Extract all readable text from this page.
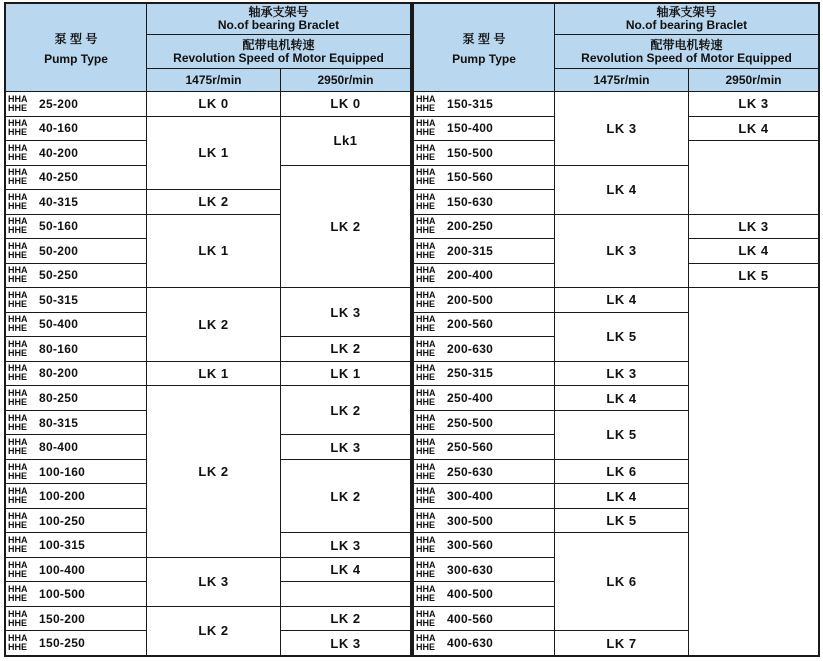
泵 型 号
Pump Type
轴承支架号
No.of bearing Braclet
配带电机转速
Revolution Speed of Motor Equipped
1475r/min	2950r/min
HHA
HHE 25-200
HHA
HHE 40-160
HHA
HHE 40-200
HHA
HHE 40-250
HHA
HHE 40-315
HHA
HHE 50-160
HHA
HHE 50-200
HHA
HHE 50-250
HHA
HHE 50-315
HHA
HHE 50-400
HHA
HHE 80-160
HHA
HHE 80-200
HHA
HHE 80-250
HHA
HHE 80-315
HHA
HHE 80-400
HHA
HHE 100-160
HHA
HHE 100-200
HHA
HHE 100-250
HHA
HHE 100-315
HHA
HHE 100-400
HHA
HHE 100-500
HHA
HHE 150-200
HHA
HHE 150-250
LK 0
LK 1
LK 2
LK 1
LK 2
LK 1
LK 2
LK 3
LK 2
LK 0
Lk1
LK 2
LK 3
LK 2
LK 1
LK 2
LK 3
LK 2
LK 3
LK 4
LK 2
LK 3
泵 型 号
Pump Type
轴承支架号
No.of bearing Braclet
配带电机转速
Revolution Speed of Motor Equipped
1475r/min	2950r/min
HHA
HHE 150-315
HHA
HHE 150-400
HHA
HHE 150-500
HHA
HHE 150-560
HHA
HHE 150-630
HHA
HHE 200-250
HHA
HHE 200-315
HHA
HHE 200-400
HHA
HHE 200-500
HHA
HHE 200-560
HHA
HHE 200-630
HHA
HHE 250-315
HHA
HHE 250-400
HHA
HHE 250-500
HHA
HHE 250-560
HHA
HHE 250-630
HHA
HHE 300-400
HHA
HHE 300-500
HHA
HHE 300-560
HHA
HHE 300-630
HHA
HHE 400-500
HHA
HHE 400-560
HHA
HHE 400-630
LK 3
LK 4
LK 3
LK 4
LK 5
LK 3
LK 4
LK 5
LK 6
LK 4
LK 5
LK 6
LK 7
LK 3
LK 4
LK 3
LK 4
LK 5
